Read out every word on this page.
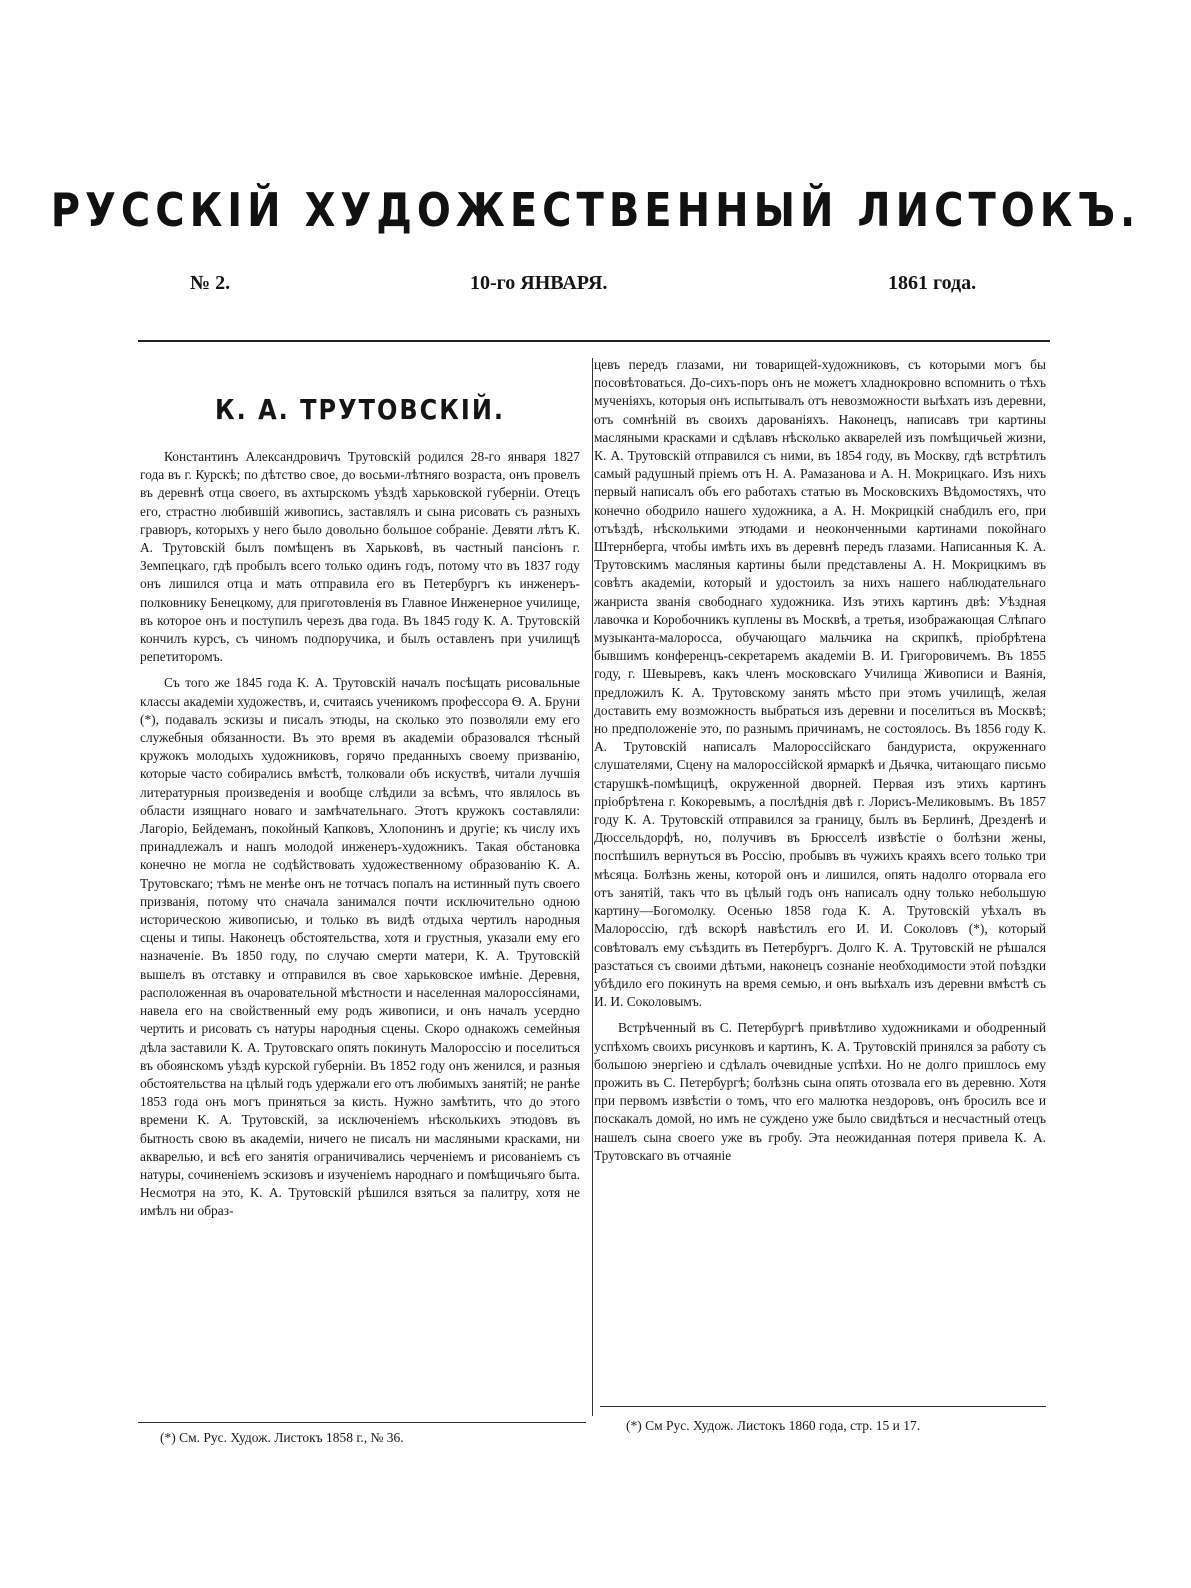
РУССКІЙ ХУДОЖЕСТВЕННЫЙ ЛИСТОКЪ.
№ 2.	10-го ЯНВАРЯ.	1861 года.
К. А. ТРУТОВСКІЙ.

Константинъ Александровичъ Трутовскій родился 28-го января 1827 года въ г. Курскѣ; по дѣтство свое, до восьми-лѣтняго возраста, онъ провелъ въ деревнѣ отца своего, въ ахтырскомъ уѣздѣ харьковской губерніи. Отецъ его, страстно любившій живопись, заставлялъ и сына рисовать съ разныхъ гравюръ, которыхъ у него было довольно большое собраніе. Девяти лѣтъ К. А. Трутовскій былъ помѣщенъ въ Харьковѣ, въ частный пансіонъ г. Земпецкаго, гдѣ пробылъ всего только одинъ годъ, потому что въ 1837 году онъ лишился отца и мать отправила его въ Петербургъ къ инженеръ-полковнику Бенецкому, для приготовленія въ Главное Инженерное училище, въ которое онъ и поступилъ черезъ два года. Въ 1845 году К. А. Трутовскій кончилъ курсъ, съ чиномъ подпоручика, и былъ оставленъ при училищѣ репетиторомъ.

Съ того же 1845 года К. А. Трутовскій началъ посѣщать рисовальные классы академіи художествъ, и, считаясь ученикомъ профессора Ѳ. А. Бруни (*), подавалъ эскизы и писалъ этюды, на сколько это позволяли ему его служебныя обязанности. Въ это время въ академіи образовался тѣсный кружокъ молодыхъ художниковъ, горячо преданныхъ своему призванію, которые часто собирались вмѣстѣ, толковали объ искуствѣ, читали лучшія литературныя произведенія и вообще слѣдили за всѣмъ, что являлось въ области изящнаго новаго и замѣчательнаго. Этотъ кружокъ составляли: Лагоріо, Бейдеманъ, покойный Капковъ, Хлопонинъ и другіе; къ числу ихъ принадлежалъ и нашъ молодой инженеръ-художникъ. Такая обстановка конечно не могла не содѣйствовать художественному образованію К. А. Трутовскаго; тѣмъ не менѣе онъ не тотчасъ попалъ на истинный путь своего призванія, потому что сначала занимался почти исключительно одною историческою живописью, и только въ видѣ отдыха чертилъ народныя сцены и типы. Наконецъ обстоятельства, хотя и грустныя, указали ему его назначеніе. Въ 1850 году, по случаю смерти матери, К. А. Трутовскій вышелъ въ отставку и отправился въ свое харьковское имѣніе. Деревня, расположенная въ очаровательной мѣстности и населенная малороссіянами, навела его на свойственный ему родъ живописи, и онъ началъ усердно чертить и рисовать съ натуры народныя сцены. Скоро однакожъ семейныя дѣла заставили К. А. Трутовскаго опять покинуть Малороссію и поселиться въ обоянскомъ уѣздѣ курской губерніи. Въ 1852 году онъ женился, и разныя обстоятельства на цѣлый годъ удержали его отъ любимыхъ занятій; не ранѣе 1853 года онъ могъ приняться за кисть. Нужно замѣтить, что до этого времени К. А. Трутовскій, за исключеніемъ нѣсколькихъ этюдовъ въ бытность свою въ академіи, ничего не писалъ ни масляными красками, ни акварелью, и всѣ его занятія ограничивались черченіемъ и рисованіемъ съ натуры, сочиненіемъ эскизовъ и изученіемъ народнаго и помѣщичьяго быта. Несмотря на это, К. А. Трутовскій рѣшился взяться за палитру, хотя не имѣлъ ни образ-

цевъ передъ глазами, ни товарищей-художниковъ, съ которыми могъ бы посовѣтоваться. До-сихъ-поръ онъ не можетъ хладнокровно вспомнить о тѣхъ мученіяхъ, которыя онъ испытывалъ отъ невозможности выѣхать изъ деревни, отъ сомнѣній въ своихъ дарованіяхъ. Наконецъ, написавъ три картины масляными красками и сдѣлавъ нѣсколько акварелей изъ помѣщичьей жизни, К. А. Трутовскій отправился съ ними, въ 1854 году, въ Москву, гдѣ встрѣтилъ самый радушный пріемъ отъ Н. А. Рамазанова и А. Н. Мокрицкаго. Изъ нихъ первый написалъ объ его работахъ статью въ Московскихъ Вѣдомостяхъ, что конечно ободрило нашего художника, а А. Н. Мокрицкій снабдилъ его, при отъѣздѣ, нѣсколькими этюдами и неоконченными картинами покойнаго Штернберга, чтобы имѣть ихъ въ деревнѣ передъ глазами. Написанныя К. А. Трутовскимъ масляныя картины были представлены А. Н. Мокрицкимъ въ совѣтъ академіи, который и удостоилъ за нихъ нашего наблюдательнаго жанриста званія свободнаго художника. Изъ этихъ картинъ двѣ: Уѣздная лавочка и Коробочникъ куплены въ Москвѣ, а третья, изображающая Слѣпаго музыканта-малоросса, обучающаго мальчика на скрипкѣ, пріобрѣтена бывшимъ конференцъ-секретаремъ академіи В. И. Григоровичемъ. Въ 1855 году, г. Шевыревъ, какъ членъ московскаго Училища Живописи и Ваянія, предложилъ К. А. Трутовскому занять мѣсто при этомъ училищѣ, желая доставить ему возможность выбраться изъ деревни и поселиться въ Москвѣ; но предположеніе это, по разнымъ причинамъ, не состоялось. Въ 1856 году К. А. Трутовскій написалъ Малороссійскаго бандуриста, окруженнаго слушателями, Сцену на малороссійской ярмаркѣ и Дьячка, читающаго письмо старушкѣ-помѣщицѣ, окруженной дворней. Первая изъ этихъ картинъ пріобрѣтена г. Кокоревымъ, а послѣднія двѣ г. Лорисъ-Меликовымъ. Въ 1857 году К. А. Трутовскій отправился за границу, былъ въ Берлинѣ, Дрезденѣ и Дюссельдорфѣ, но, получивъ въ Брюсселѣ извѣстіе о болѣзни жены, поспѣшилъ вернуться въ Россію, пробывъ въ чужихъ краяхъ всего только три мѣсяца. Болѣзнь жены, которой онъ и лишился, опять надолго оторвала его отъ занятій, такъ что въ цѣлый годъ онъ написалъ одну только небольшую картину—Богомолку. Осенью 1858 года К. А. Трутовскій уѣхалъ въ Малороссію, гдѣ вскорѣ навѣстилъ его И. И. Соколовъ (*), который совѣтовалъ ему съѣздить въ Петербургъ. Долго К. А. Трутовскій не рѣшался разстаться съ своими дѣтьми, наконецъ сознаніе необходимости этой поѣздки убѣдило его покинуть на время семью, и онъ выѣхалъ изъ деревни вмѣстѣ съ И. И. Соколовымъ.

Встрѣченный въ С. Петербургѣ привѣтливо художниками и ободренный успѣхомъ своихъ рисунковъ и картинъ, К. А. Трутовскій принялся за работу съ большою энергіею и сдѣлалъ очевидные успѣхи. Но не долго пришлось ему прожить въ С. Петербургѣ; болѣзнь сына опять отозвала его въ деревню. Хотя при первомъ извѣстіи о томъ, что его малютка нездоровъ, онъ бросилъ все и поскакалъ домой, но имъ не суждено уже было свидѣться и несчастный отецъ нашелъ сына своего уже въ гробу. Эта неожиданная потеря привела К. А. Трутовскаго въ отчаяніе

(*) См. Рус. Худож. Листокъ 1858 г., № 36.
(*) См Рус. Худож. Листокъ 1860 года, стр. 15 и 17.
